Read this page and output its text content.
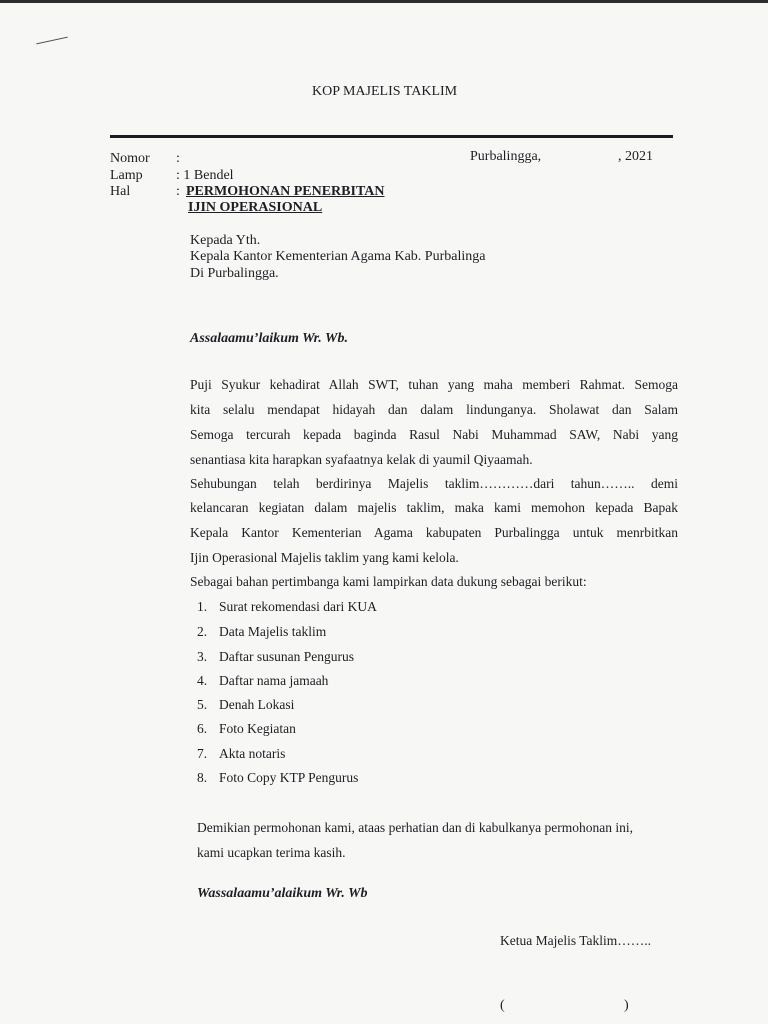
KOP MAJELIS TAKLIM
Nomor :
Lamp : 1 Bendel
Hal	: PERMOHONAN PENERBITAN
IJIN OPERASIONAL
Purbalingga,	, 2021
Kepada Yth.
Kepala Kantor Kementerian Agama Kab. Purbalinga
Di Purbalingga.
Assalaamu’laikum Wr. Wb.
Puji Syukur kehadirat Allah SWT, tuhan yang maha memberi Rahmat. Semoga
kita selalu mendapat hidayah dan dalam lindunganya. Sholawat dan Salam
Semoga tercurah kepada baginda Rasul Nabi Muhammad SAW, Nabi yang
senantiasa kita harapkan syafaatnya kelak di yaumil Qiyaamah.
Sehubungan telah berdirinya Majelis taklim…………dari tahun…….. demi
kelancaran kegiatan dalam majelis taklim, maka kami memohon kepada Bapak
Kepala Kantor Kementerian Agama kabupaten Purbalingga untuk menrbitkan
Ijin Operasional Majelis taklim yang kami kelola.
Sebagai bahan pertimbanga kami lampirkan data dukung sebagai berikut:
1. Surat rekomendasi dari KUA
2. Data Majelis taklim
3. Daftar susunan Pengurus
4. Daftar nama jamaah
5. Denah Lokasi
6. Foto Kegiatan
7. Akta notaris
8. Foto Copy KTP Pengurus
Demikian permohonan kami, ataas perhatian dan di kabulkanya permohonan ini,
kami ucapkan terima kasih.
Wassalaamu’alaikum Wr. Wb
Ketua Majelis Taklim……..
(	)
